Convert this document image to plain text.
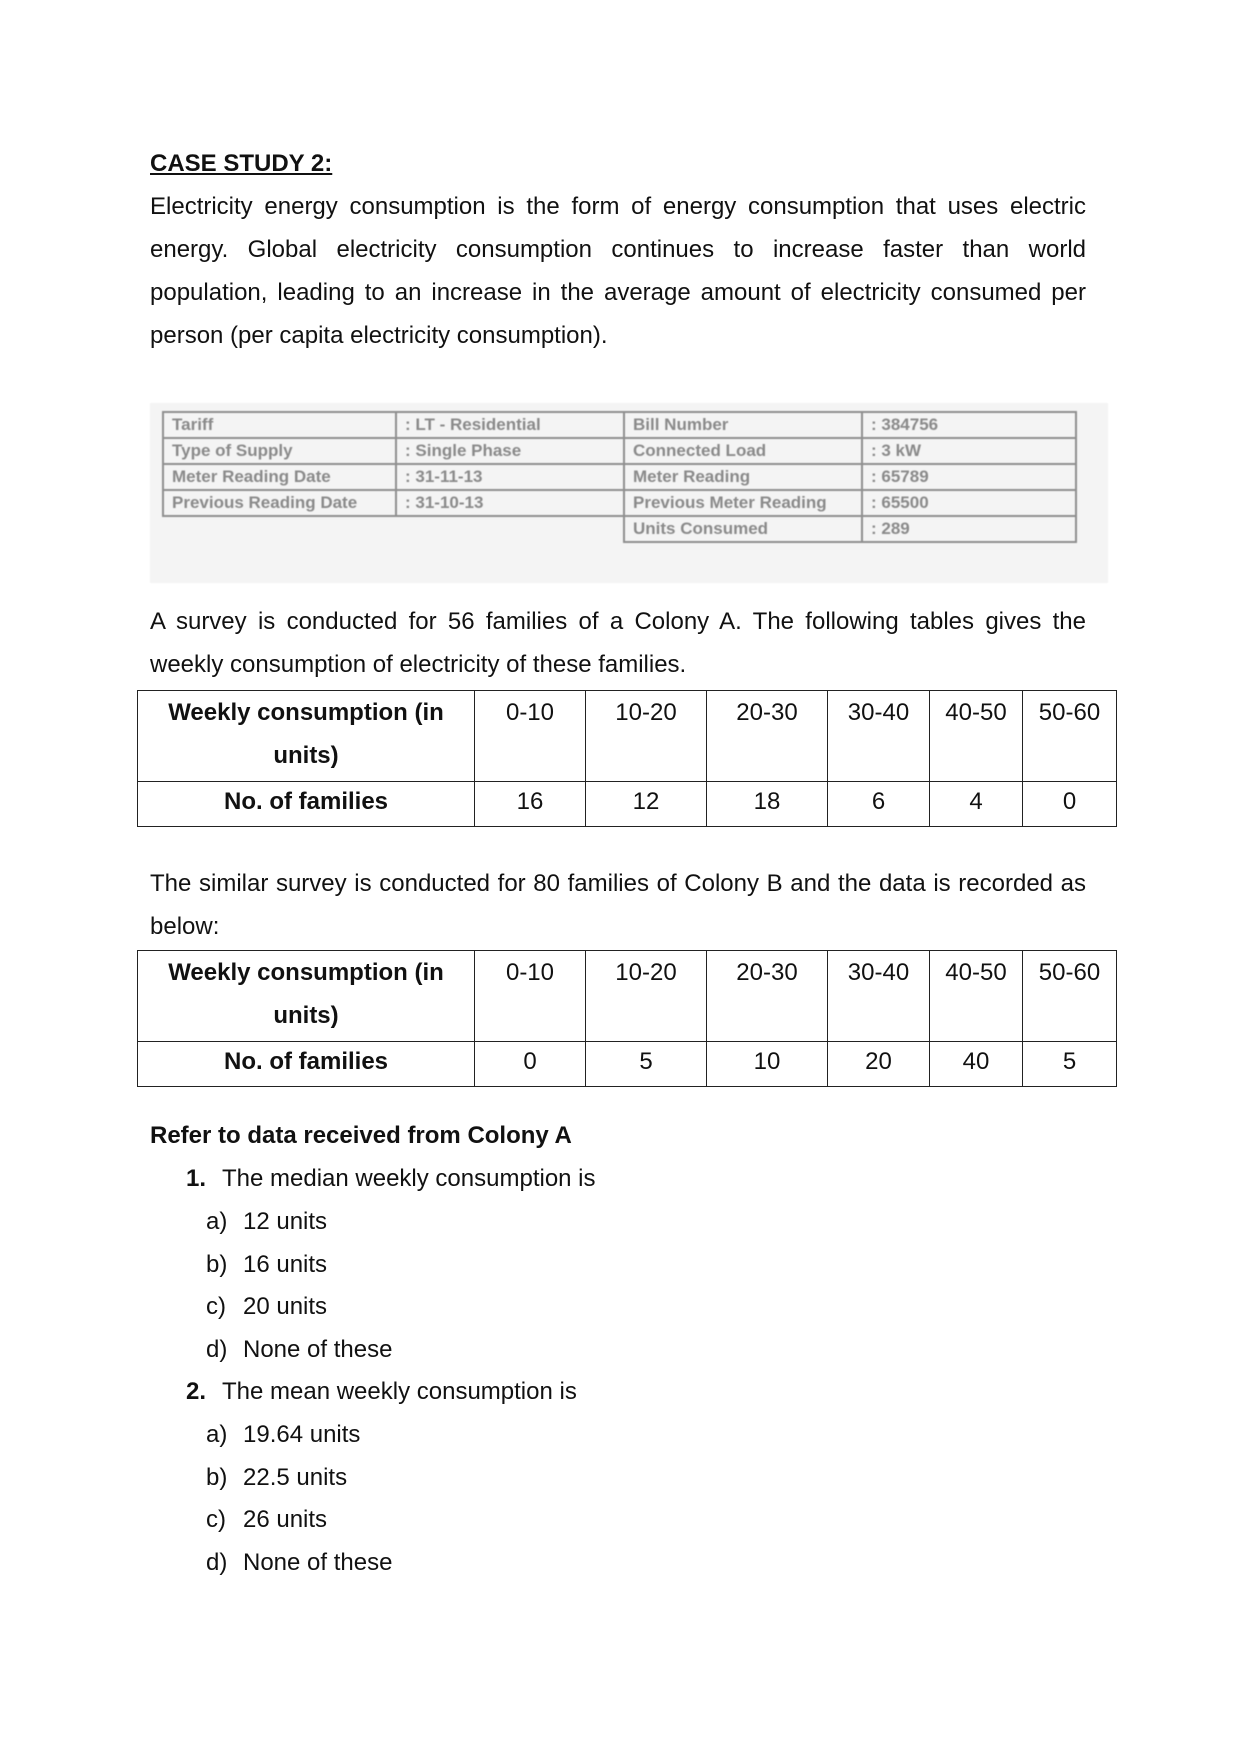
CASE STUDY 2:

Electricity energy consumption is the form of energy consumption that uses electric energy. Global electricity consumption continues to increase faster than world population, leading to an increase in the average amount of electricity consumed per person (per capita electricity consumption).

Tariff	: LT - Residential	Bill Number	: 384756
Type of Supply	: Single Phase	Connected Load	: 3 kW
Meter Reading Date	: 31-11-13	Meter Reading	: 65789
Previous Reading Date	: 31-10-13	Previous Meter Reading	: 65500
		Units Consumed	: 289

A survey is conducted for 56 families of a Colony A. The following tables gives the weekly consumption of electricity of these families.

Weekly consumption (in units)	0-10	10-20	20-30	30-40	40-50	50-60
No. of families	16	12	18	6	4	0

The similar survey is conducted for 80 families of Colony B and the data is recorded as below:

Weekly consumption (in units)	0-10	10-20	20-30	30-40	40-50	50-60
No. of families	0	5	10	20	40	5

Refer to data received from Colony A

1. The median weekly consumption is

a) 12 units

b) 16 units

c) 20 units

d) None of these

2. The mean weekly consumption is

a) 19.64 units

b) 22.5 units

c) 26 units

d) None of these
